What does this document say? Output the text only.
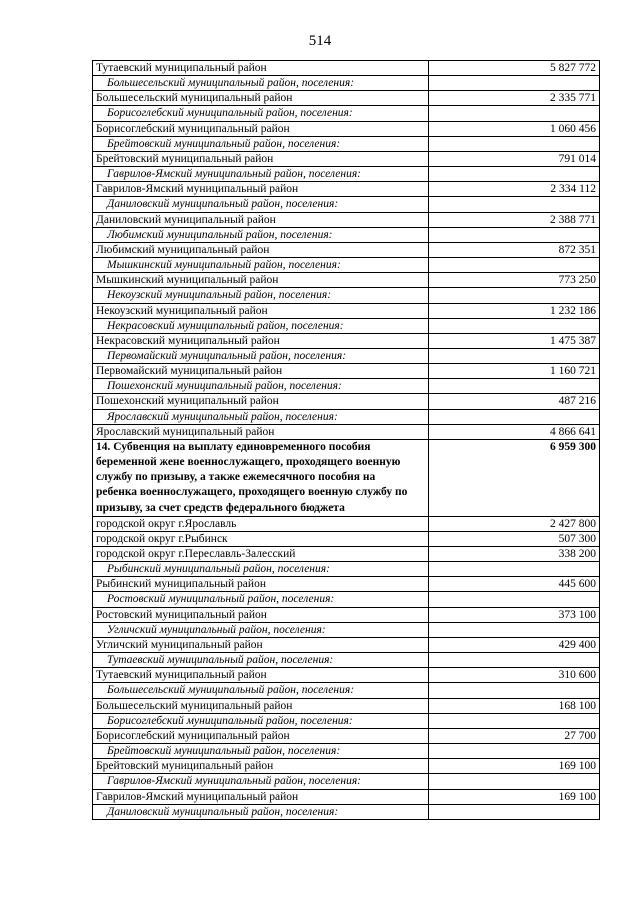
514
Тутаевский муниципальный район	5 827 772
Большесельский муниципальный район, поселения:	
Большесельский муниципальный район	2 335 771
Борисоглебский муниципальный район, поселения:	
Борисоглебский муниципальный район	1 060 456
Брейтовский муниципальный район, поселения:	
Брейтовский муниципальный район	791 014
Гаврилов-Ямский муниципальный район, поселения:	
Гаврилов-Ямский муниципальный район	2 334 112
Даниловский муниципальный район, поселения:	
Даниловский муниципальный район	2 388 771
Любимский муниципальный район, поселения:	
Любимский муниципальный район	872 351
Мышкинский муниципальный район, поселения:	
Мышкинский муниципальный район	773 250
Некоузский муниципальный район, поселения:	
Некоузский муниципальный район	1 232 186
Некрасовский муниципальный район, поселения:	
Некрасовский муниципальный район	1 475 387
Первомайский муниципальный район, поселения:	
Первомайский муниципальный район	1 160 721
Пошехонский муниципальный район, поселения:	
Пошехонский муниципальный район	487 216
Ярославский муниципальный район, поселения:	
Ярославский муниципальный район	4 866 641
14. Субвенция на выплату единовременного пособия беременной жене военнослужащего, проходящего военную службу по призыву, а также ежемесячного пособия на ребенка военнослужащего, проходящего военную службу по призыву, за счет средств федерального бюджета	6 959 300
городской округ г.Ярославль	2 427 800
городской округ г.Рыбинск	507 300
городской округ г.Переславль-Залесский	338 200
Рыбинский муниципальный район, поселения:	
Рыбинский муниципальный район	445 600
Ростовский муниципальный район, поселения:	
Ростовский муниципальный район	373 100
Угличский муниципальный район, поселения:	
Угличский муниципальный район	429 400
Тутаевский муниципальный район, поселения:	
Тутаевский муниципальный район	310 600
Большесельский муниципальный район, поселения:	
Большесельский муниципальный район	168 100
Борисоглебский муниципальный район, поселения:	
Борисоглебский муниципальный район	27 700
Брейтовский муниципальный район, поселения:	
Брейтовский муниципальный район	169 100
Гаврилов-Ямский муниципальный район, поселения:	
Гаврилов-Ямский муниципальный район	169 100
Даниловский муниципальный район, поселения:	
